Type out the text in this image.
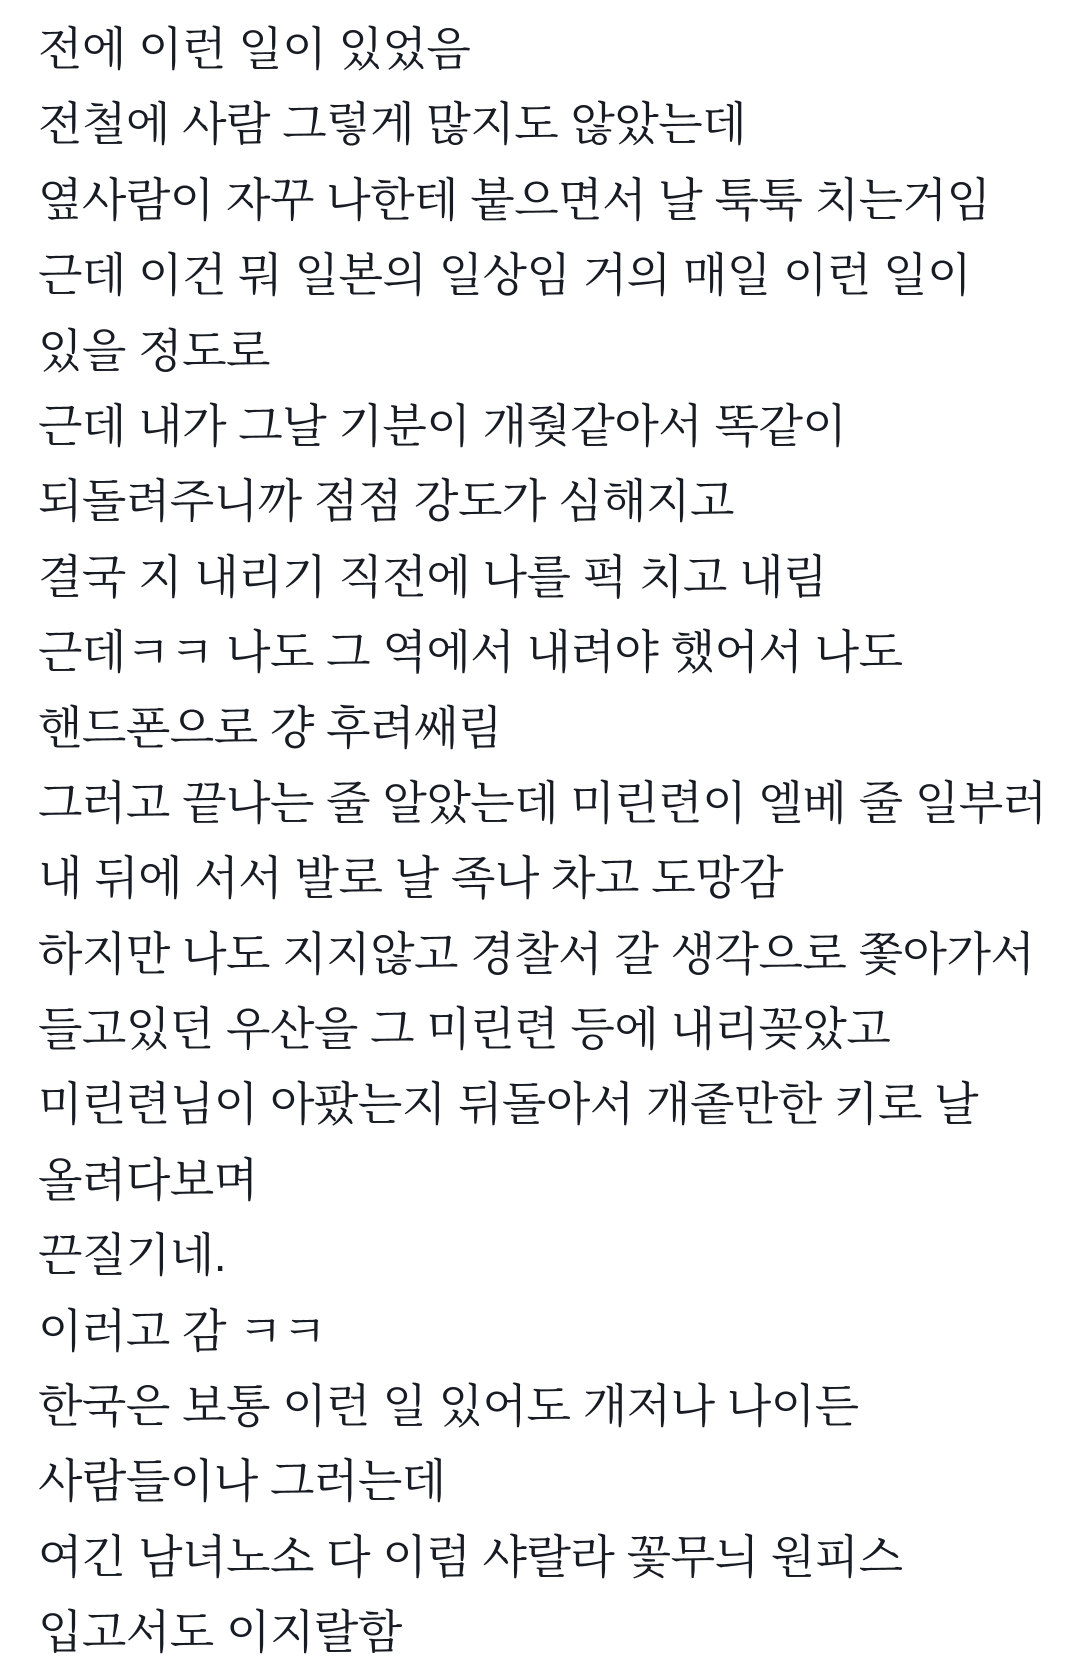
전에 이런 일이 있었음
전철에 사람 그렇게 많지도 않았는데
옆사람이 자꾸 나한테 붙으면서 날 툭툭 치는거임
근데 이건 뭐 일본의 일상임 거의 매일 이런 일이
있을 정도로
근데 내가 그날 기분이 개줮같아서 똑같이
되돌려주니까 점점 강도가 심해지고
결국 지 내리기 직전에 나를 퍽 치고 내림
근데ㅋㅋ 나도 그 역에서 내려야 했어서 나도
핸드폰으로 걍 후려쌔림
그러고 끝나는 줄 알았는데 미린련이 엘베 줄 일부러
내 뒤에 서서 발로 날 족나 차고 도망감
하지만 나도 지지않고 경찰서 갈 생각으로 쫓아가서
들고있던 우산을 그 미린련 등에 내리꽂았고
미린련님이 아팠는지 뒤돌아서 개좉만한 키로 날
올려다보며
끈질기네.
이러고 감 ㅋㅋ
한국은 보통 이런 일 있어도 개저나 나이든
사람들이나 그러는데
여긴 남녀노소 다 이럼 샤랄라 꽃무늬 원피스
입고서도 이지랄함
